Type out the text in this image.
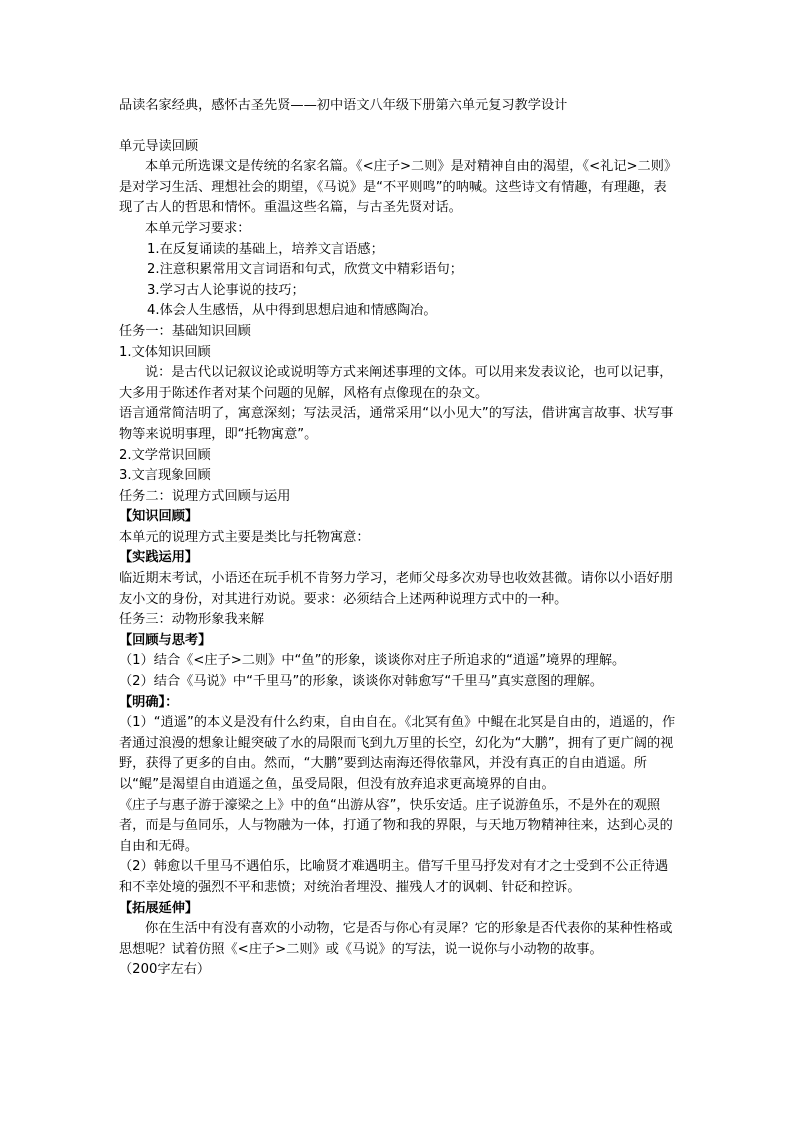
品读名家经典，感怀古圣先贤——初中语文八年级下册第六单元复习教学设计

单元导读回顾

本单元所选课文是传统的名家名篇。《<庄子>二则》是对精神自由的渴望，《<礼记>二则》是对学习生活、理想社会的期望，《马说》是“不平则鸣”的呐喊。这些诗文有情趣，有理趣，表现了古人的哲思和情怀。重温这些名篇，与古圣先贤对话。

本单元学习要求：

1.在反复诵读的基础上，培养文言语感；

2.注意积累常用文言词语和句式，欣赏文中精彩语句；

3.学习古人论事说的技巧；

4.体会人生感悟，从中得到思想启迪和情感陶冶。

任务一：基础知识回顾

1.文体知识回顾

说：是古代以记叙议论或说明等方式来阐述事理的文体。可以用来发表议论，也可以记事，大多用于陈述作者对某个问题的见解，风格有点像现在的杂文。

语言通常简洁明了，寓意深刻；写法灵活，通常采用“以小见大”的写法，借讲寓言故事、状写事物等来说明事理，即“托物寓意”。

2.文学常识回顾

3.文言现象回顾

任务二：说理方式回顾与运用

【知识回顾】

本单元的说理方式主要是类比与托物寓意：

【实践运用】

临近期末考试，小语还在玩手机不肯努力学习，老师父母多次劝导也收效甚微。请你以小语好朋友小文的身份，对其进行劝说。要求：必须结合上述两种说理方式中的一种。

任务三：动物形象我来解

【回顾与思考】

（1）结合《<庄子>二则》中“鱼”的形象，谈谈你对庄子所追求的“逍遥”境界的理解。

（2）结合《马说》中“千里马”的形象，谈谈你对韩愈写“千里马”真实意图的理解。

【明确】：

（1）“逍遥”的本义是没有什么约束，自由自在。《北冥有鱼》中鲲在北冥是自由的，逍遥的，作者通过浪漫的想象让鲲突破了水的局限而飞到九万里的长空，幻化为“大鹏”，拥有了更广阔的视野，获得了更多的自由。然而，“大鹏”要到达南海还得依靠风，并没有真正的自由逍遥。所以“鲲”是渴望自由逍遥之鱼，虽受局限，但没有放弃追求更高境界的自由。

《庄子与惠子游于濠梁之上》中的鱼“出游从容”，快乐安适。庄子说游鱼乐，不是外在的观照者，而是与鱼同乐，人与物融为一体，打通了物和我的界限，与天地万物精神往来，达到心灵的自由和无碍。

（2）韩愈以千里马不遇伯乐，比喻贤才难遇明主。借写千里马抒发对有才之士受到不公正待遇和不幸处境的强烈不平和悲愤；对统治者埋没、摧残人才的讽刺、针砭和控诉。

【拓展延伸】

你在生活中有没有喜欢的小动物，它是否与你心有灵犀？它的形象是否代表你的某种性格或思想呢？试着仿照《<庄子>二则》或《马说》的写法，说一说你与小动物的故事。

（200字左右）
